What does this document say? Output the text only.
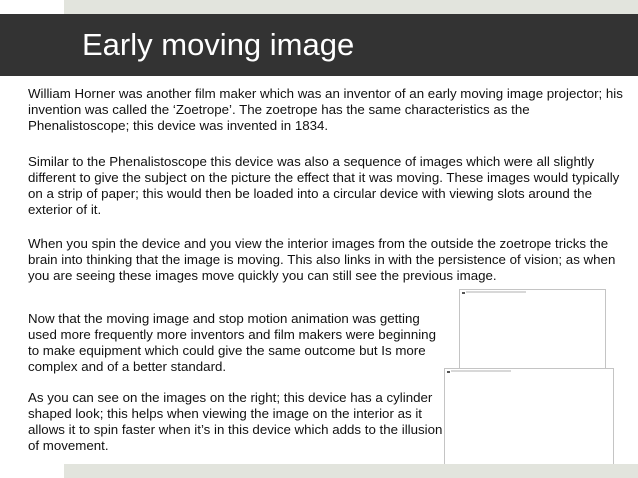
Early moving image

William Horner was another film maker which was an inventor of an early moving image projector; his invention was called the ‘Zoetrope’. The zoetrope has the same characteristics as the Phenalistoscope; this device was invented in 1834.

Similar to the Phenalistoscope this device was also a sequence of images which were all slightly different to give the subject on the picture the effect that it was moving. These images would typically on a strip of paper; this would then be loaded into a circular device with viewing slots around the exterior of it.

When you spin the device and you view the interior images from the outside the zoetrope tricks the brain into thinking that the image is moving. This also links in with the persistence of vision; as when you are seeing these images move quickly you can still see the previous image.

Now that the moving image and stop motion animation was getting used more frequently more inventors and film makers were beginning to make equipment which could give the same outcome but Is more complex and of a better standard.

As you can see on the images on the right; this device has a cylinder shaped look; this helps when viewing the image on the interior as it allows it to spin faster when it’s in this device which adds to the illusion of movement.
